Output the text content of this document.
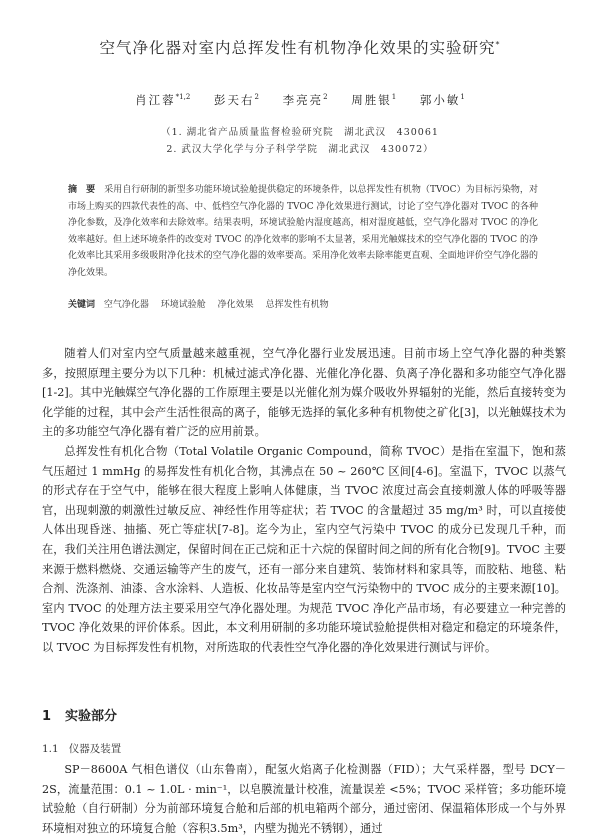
空气净化器对室内总挥发性有机物净化效果的实验研究*
肖江蓉$^{*1,2}$ 彭天右$^2$ 李亮亮$^2$ 周胜银$^1$ 郭小敏$^1$
（1. 湖北省产品质量监督检验研究院　湖北武汉　430061
2. 武汉大学化学与分子科学学院　湖北武汉　430072）
摘　要　 采用自行研制的新型多功能环境试验舱提供稳定的环境条件，以总挥发性有机物（TVOC）为目标污染物，对市场上购买的四款代表性的高、中、低档空气净化器的 TVOC 净化效果进行测试，讨论了空气净化器对 TVOC 的各种净化参数，及净化效率和去除效率。结果表明，环境试验舱内湿度越高，相对湿度越低，空气净化器对 TVOC 的净化效率越好。但上述环境条件的改变对 TVOC 的净化效率的影响不太显著，采用光触媒技术的空气净化器的 TVOC 的净化效率比其采用多级吸附净化技术的空气净化器的效率要高。采用净化效率去除率能更直观、全面地评价空气净化器的净化效果。
关键词 空气净化器　 环境试验舱　 净化效果　 总挥发性有机物
随着人们对室内空气质量越来越重视，空气净化器行业发展迅速。目前市场上空气净化器的种类繁多，按照原理主要分为以下几种：机械过滤式净化器、光催化净化器、负离子净化器和多功能空气净化器[1-2]。其中光触媒空气净化器的工作原理主要是以光催化剂为媒介吸收外界辐射的光能，然后直接转变为化学能的过程，其中会产生活性很高的离子，能够无选择的氧化多种有机物使之矿化[3]，以光触媒技术为主的多功能空气净化器有着广泛的应用前景。
总挥发性有机化合物（Total Volatile Organic Compound，简称 TVOC）是指在室温下，饱和蒸气压超过 1 mmHg 的易挥发性有机化合物，其沸点在 50 ~ 260℃ 区间[4-6]。室温下，TVOC 以蒸气的形式存在于空气中，能够在很大程度上影响人体健康，当 TVOC 浓度过高会直接刺激人体的呼吸等器官，出现刺激的刺激性过敏反应、神经性作用等症状；若 TVOC 的含量超过 35 mg/m³ 时，可以直接使人体出现昏迷、抽搐、死亡等症状[7-8]。迄今为止，室内空气污染中 TVOC 的成分已发现几千种，而在，我们关注用色谱法测定，保留时间在正己烷和正十六烷的保留时间之间的所有化合物[9]。TVOC 主要来源于燃料燃烧、交通运输等产生的废气，还有一部分来自建筑、装饰材料和家具等，而胶粘、地毯、粘合剂、洗涤剂、油漆、含水涂料、人造板、化妆品等是室内空气污染物中的 TVOC 成分的主要来源[10]。室内 TVOC 的处理方法主要采用空气净化器处理。为规范 TVOC 净化产品市场，有必要建立一种完善的 TVOC 净化效果的评价体系。因此，本文利用研制的多功能环境试验舱提供相对稳定和稳定的环境条件，以 TVOC 为目标挥发性有机物，对所选取的代表性空气净化器的净化效果进行测试与评价。
1 实验部分
1.1 仪器及装置
SP－8600A 气相色谱仪（山东鲁南），配氢火焰离子化检测器（FID）；大气采样器，型号 DCY－2S，流量范围：0.1 ~ 1.0L · min⁻¹，以皂膜流量计校准，流量误差 <5%；TVOC 采样管；多功能环境试验舱（自行研制）分为前部环境复合舱和后部的机电箱两个部分，通过密闭、保温箱体形成一个与外界环境相对独立的环境复合舱（容积3.5m³，内壁为抛光不锈钢），通过
